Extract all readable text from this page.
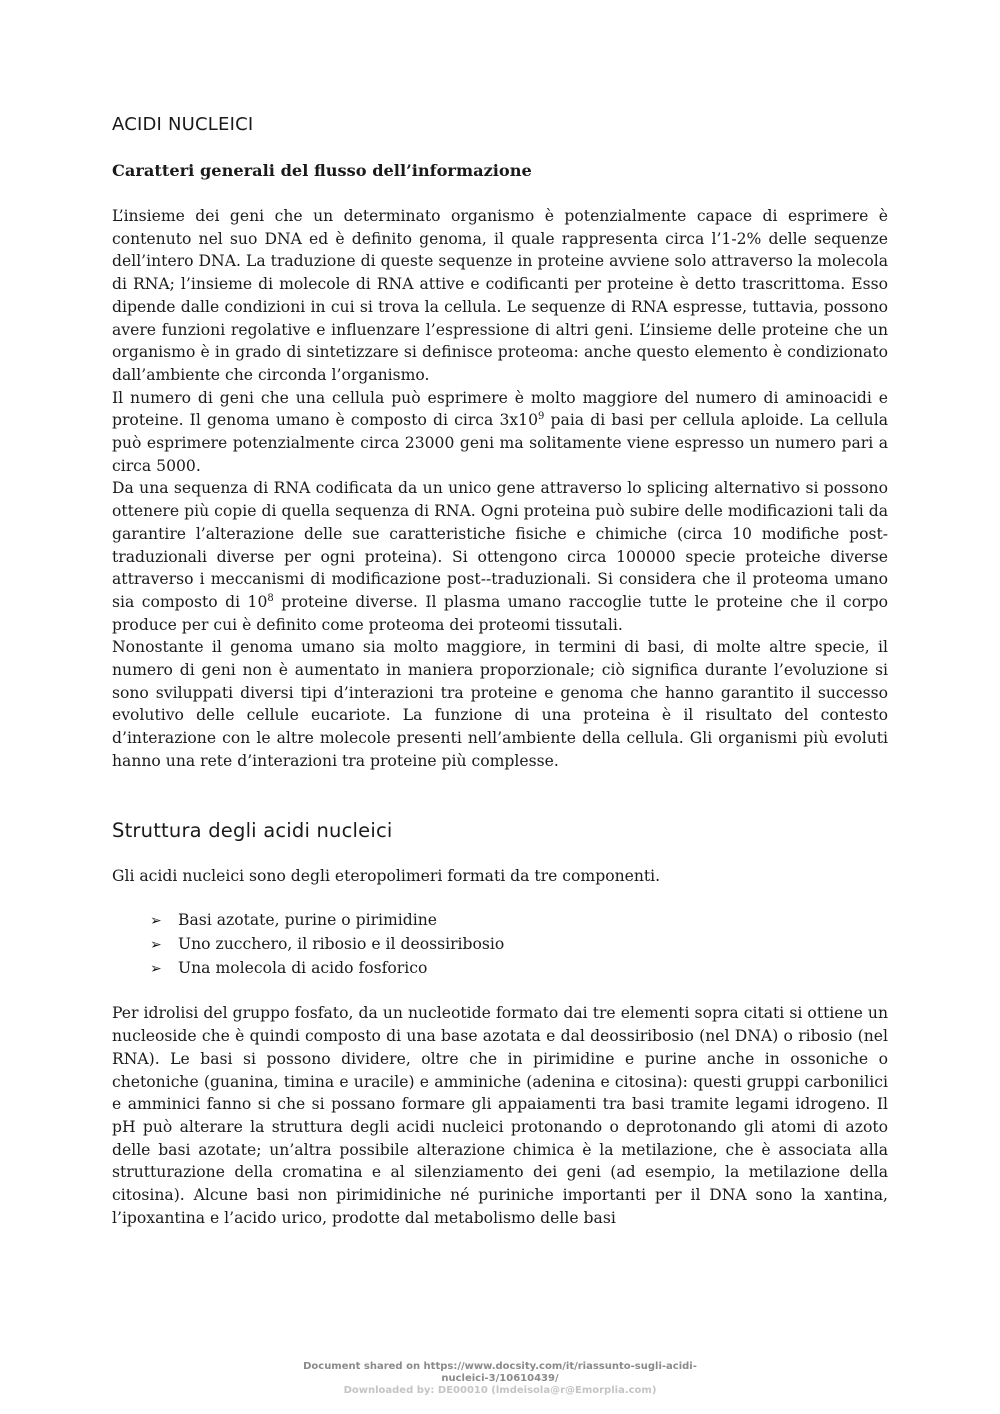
ACIDI NUCLEICI
Caratteri generali del flusso dell’informazione

L’insieme dei geni che un determinato organismo è potenzialmente capace di esprimere è contenuto nel suo DNA ed è definito genoma, il quale rappresenta circa l’1-2% delle sequenze dell’intero DNA. La traduzione di queste sequenze in proteine avviene solo attraverso la molecola di RNA; l’insieme di molecole di RNA attive e codificanti per proteine è detto trascrittoma. Esso dipende dalle condizioni in cui si trova la cellula. Le sequenze di RNA espresse, tuttavia, possono avere funzioni regolative e influenzare l’espressione di altri geni. L’insieme delle proteine che un organismo è in grado di sintetizzare si definisce proteoma: anche questo elemento è condizionato dall’ambiente che circonda l’organismo.

Il numero di geni che una cellula può esprimere è molto maggiore del numero di aminoacidi e proteine. Il genoma umano è composto di circa $3x10^9$ paia di basi per cellula aploide. La cellula può esprimere potenzialmente circa 23000 geni ma solitamente viene espresso un numero pari a circa 5000.

Da una sequenza di RNA codificata da un unico gene attraverso lo splicing alternativo si possono ottenere più copie di quella sequenza di RNA. Ogni proteina può subire delle modificazioni tali da garantire l’alterazione delle sue caratteristiche fisiche e chimiche (circa 10 modifiche post-traduzionali diverse per ogni proteina). Si ottengono circa 100000 specie proteiche diverse attraverso i meccanismi di modificazione post--traduzionali. Si considera che il proteoma umano sia composto di $10^8$ proteine diverse. Il plasma umano raccoglie tutte le proteine che il corpo produce per cui è definito come proteoma dei proteomi tissutali.

Nonostante il genoma umano sia molto maggiore, in termini di basi, di molte altre specie, il numero di geni non è aumentato in maniera proporzionale; ciò significa durante l’evoluzione si sono sviluppati diversi tipi d’interazioni tra proteine e genoma che hanno garantito il successo evolutivo delle cellule eucariote. La funzione di una proteina è il risultato del contesto d’interazione con le altre molecole presenti nell’ambiente della cellula. Gli organismi più evoluti hanno una rete d’interazioni tra proteine più complesse.

Struttura degli acidi nucleici

Gli acidi nucleici sono degli eteropolimeri formati da tre componenti.

➢	Basi azotate, purine o pirimidine
➢	Uno zucchero, il ribosio e il deossiribosio
➢	Una molecola di acido fosforico

Per idrolisi del gruppo fosfato, da un nucleotide formato dai tre elementi sopra citati si ottiene un nucleoside che è quindi composto di una base azotata e dal deossiribosio (nel DNA) o ribosio (nel RNA). Le basi si possono dividere, oltre che in pirimidine e purine anche in ossoniche o chetoniche (guanina, timina e uracile) e amminiche (adenina e citosina): questi gruppi carbonilici e amminici fanno si che si possano formare gli appaiamenti tra basi tramite legami idrogeno. Il pH può alterare la struttura degli acidi nucleici protonando o deprotonando gli atomi di azoto delle basi azotate; un’altra possibile alterazione chimica è la metilazione, che è associata alla strutturazione della cromatina e al silenziamento dei geni (ad esempio, la metilazione della citosina). Alcune basi non pirimidiniche né puriniche importanti per il DNA sono la xantina, l’ipoxantina e l’acido urico, prodotte dal metabolismo delle basi

Document shared on https://www.docsity.com/it/riassunto-sugli-acidi-
nucleici-3/10610439/
Downloaded by: DE00010 (lmdeisola@r@Emorplia.com)
